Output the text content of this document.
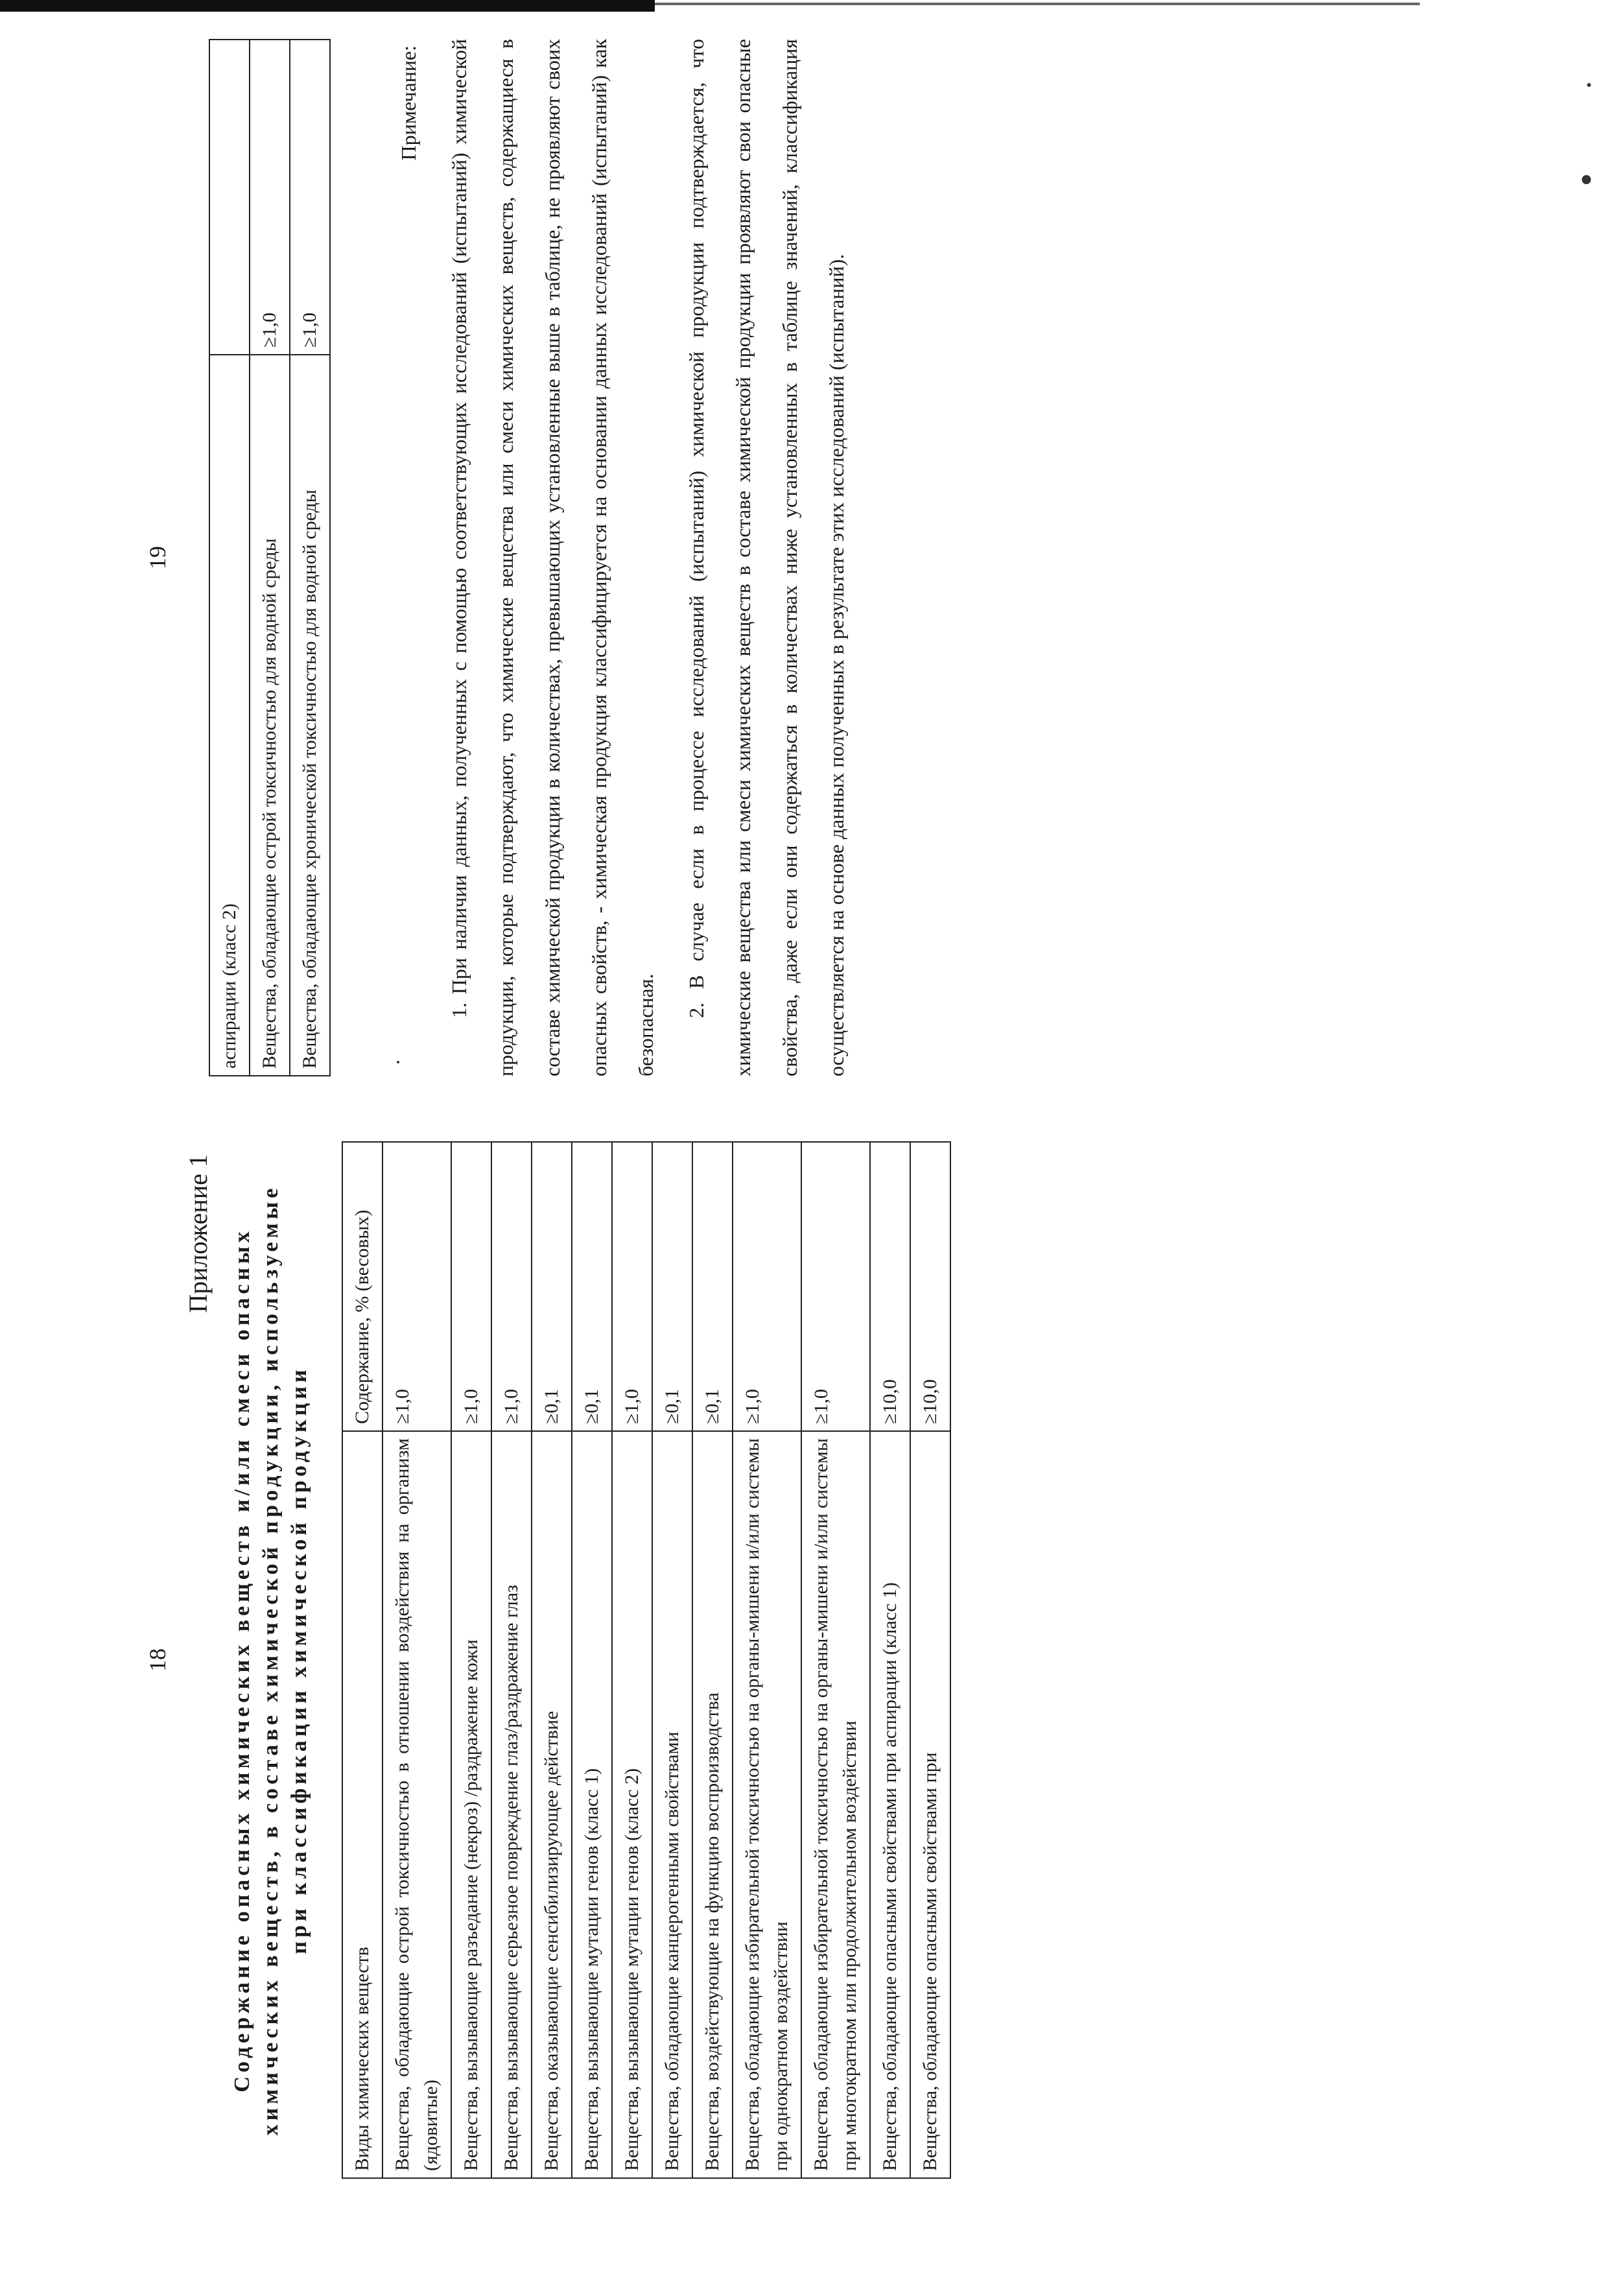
18
Приложение 1 Содержание опасных химических веществ и/или смеси опасных химических веществ, в составе химической продукции, используемые при классификации химической продукции
Виды химических веществ	Содержание, % (весовых)
Вещества, обладающие острой токсичностью в отношении воздействия на организм (ядовитые)	≥1,0
Вещества, вызывающие разъедание (некроз) /раздражение кожи	≥1,0
Вещества, вызывающие серьезное повреждение глаз/раздражение глаз	≥1,0
Вещества, оказывающие сенсибилизирующее действие	≥0,1
Вещества, вызывающие мутации генов (класс 1)	≥0,1
Вещества, вызывающие мутации генов (класс 2)	≥1,0
Вещества, обладающие канцерогенными свойствами	≥0,1
Вещества, воздействующие на функцию воспроизводства	≥0,1
Вещества, обладающие избирательной токсичностью на органы-мишени и/или системы при однократном воздействии	≥1,0
Вещества, обладающие избирательной токсичностью на органы-мишени и/или системы при многократном или продолжительном воздействии	≥1,0
Вещества, обладающие опасными свойствами при аспирации (класс 1)	≥10,0
Вещества, обладающие опасными свойствами при	≥10,0
19
аспирации (класс 2)	
Вещества, обладающие острой токсичностью для водной среды	≥1,0
Вещества, обладающие хронической токсичностью для водной среды	≥1,0
Примечание:	1. При наличии данных, полученных с помощью соответствующих исследований (испытаний) химической продукции, которые подтверждают, что химические вещества или смеси химических веществ, содержащиеся в составе химической продукции в количествах, превышающих установленные выше в таблице, не проявляют своих опасных свойств, - химическая продукция классифицируется на основании данных исследований (испытаний) как безопасная.

2. В случае если в процессе исследований (испытаний) химической продукции подтверждается, что химические вещества или смеси химических веществ в составе химической продукции проявляют свои опасные свойства, даже если они содержаться в количествах ниже установленных в таблице значений, классификация осуществляется на основе данных полученных в результате этих исследований (испытаний).
